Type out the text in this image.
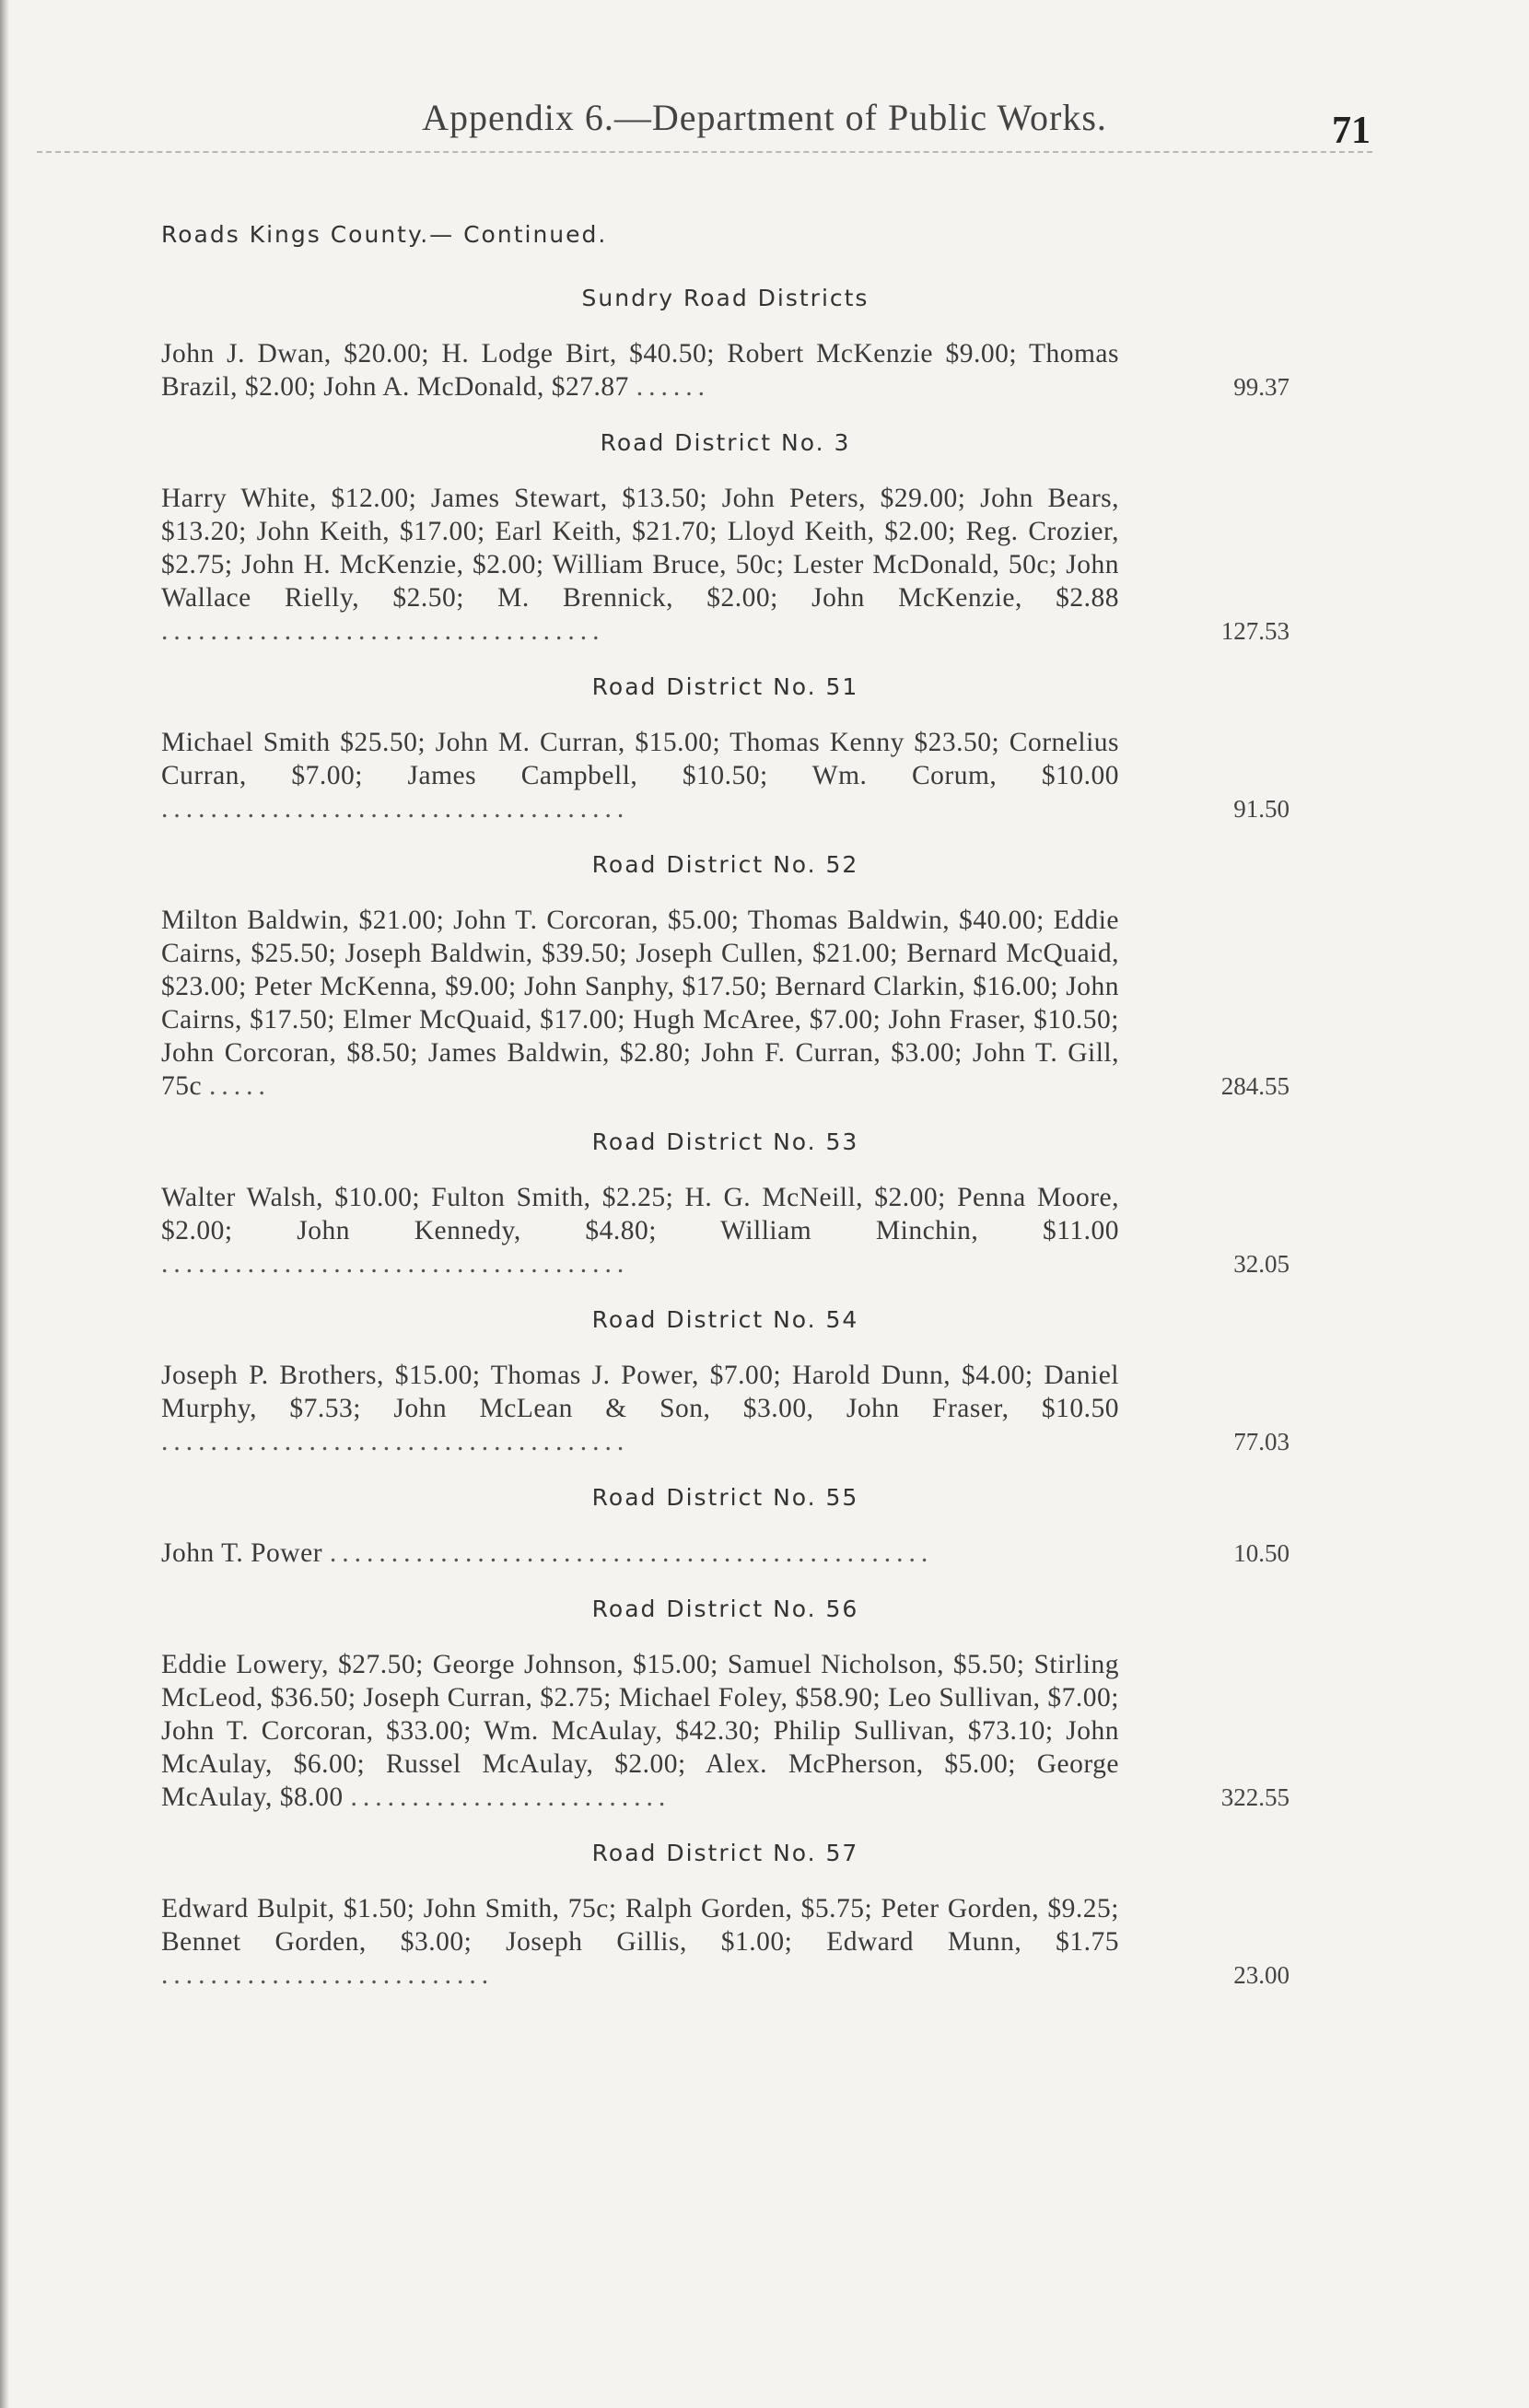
Appendix 6.—Department of Public Works.	71
Roads Kings County.— Continued.
Sundry Road Districts
John J. Dwan, $20.00; H. Lodge Birt, $40.50; Robert McKenzie $9.00; Thomas Brazil, $2.00; John A. McDonald, $27.87 ......	99.37
Road District No. 3
Harry White, $12.00; James Stewart, $13.50; John Peters, $29.00; John Bears, $13.20; John Keith, $17.00; Earl Keith, $21.70; Lloyd Keith, $2.00; Reg. Crozier, $2.75; John H. McKenzie, $2.00; William Bruce, 50c; Lester McDonald, 50c; John Wallace Rielly, $2.50; M. Brennick, $2.00; John McKenzie, $2.88 ....................................	127.53
Road District No. 51
Michael Smith $25.50; John M. Curran, $15.00; Thomas Kenny $23.50; Cornelius Curran, $7.00; James Campbell, $10.50; Wm. Corum, $10.00 ......................................	91.50
Road District No. 52
Milton Baldwin, $21.00; John T. Corcoran, $5.00; Thomas Baldwin, $40.00; Eddie Cairns, $25.50; Joseph Baldwin, $39.50; Joseph Cullen, $21.00; Bernard McQuaid, $23.00; Peter McKenna, $9.00; John Sanphy, $17.50; Bernard Clarkin, $16.00; John Cairns, $17.50; Elmer McQuaid, $17.00; Hugh McAree, $7.00; John Fraser, $10.50; John Corcoran, $8.50; James Baldwin, $2.80; John F. Curran, $3.00; John T. Gill, 75c .....	284.55
Road District No. 53
Walter Walsh, $10.00; Fulton Smith, $2.25; H. G. McNeill, $2.00; Penna Moore, $2.00; John Kennedy, $4.80; William Minchin, $11.00 ......................................	32.05
Road District No. 54
Joseph P. Brothers, $15.00; Thomas J. Power, $7.00; Harold Dunn, $4.00; Daniel Murphy, $7.53; John McLean & Son, $3.00, John Fraser, $10.50 ......................................	77.03
Road District No. 55
John T. Power .................................................	10.50
Road District No. 56
Eddie Lowery, $27.50; George Johnson, $15.00; Samuel Nicholson, $5.50; Stirling McLeod, $36.50; Joseph Curran, $2.75; Michael Foley, $58.90; Leo Sullivan, $7.00; John T. Corcoran, $33.00; Wm. McAulay, $42.30; Philip Sullivan, $73.10; John McAulay, $6.00; Russel McAulay, $2.00; Alex. McPherson, $5.00; George McAulay, $8.00 ..........................	322.55
Road District No. 57
Edward Bulpit, $1.50; John Smith, 75c; Ralph Gorden, $5.75; Peter Gorden, $9.25; Bennet Gorden, $3.00; Joseph Gillis, $1.00; Edward Munn, $1.75 ...........................	23.00
